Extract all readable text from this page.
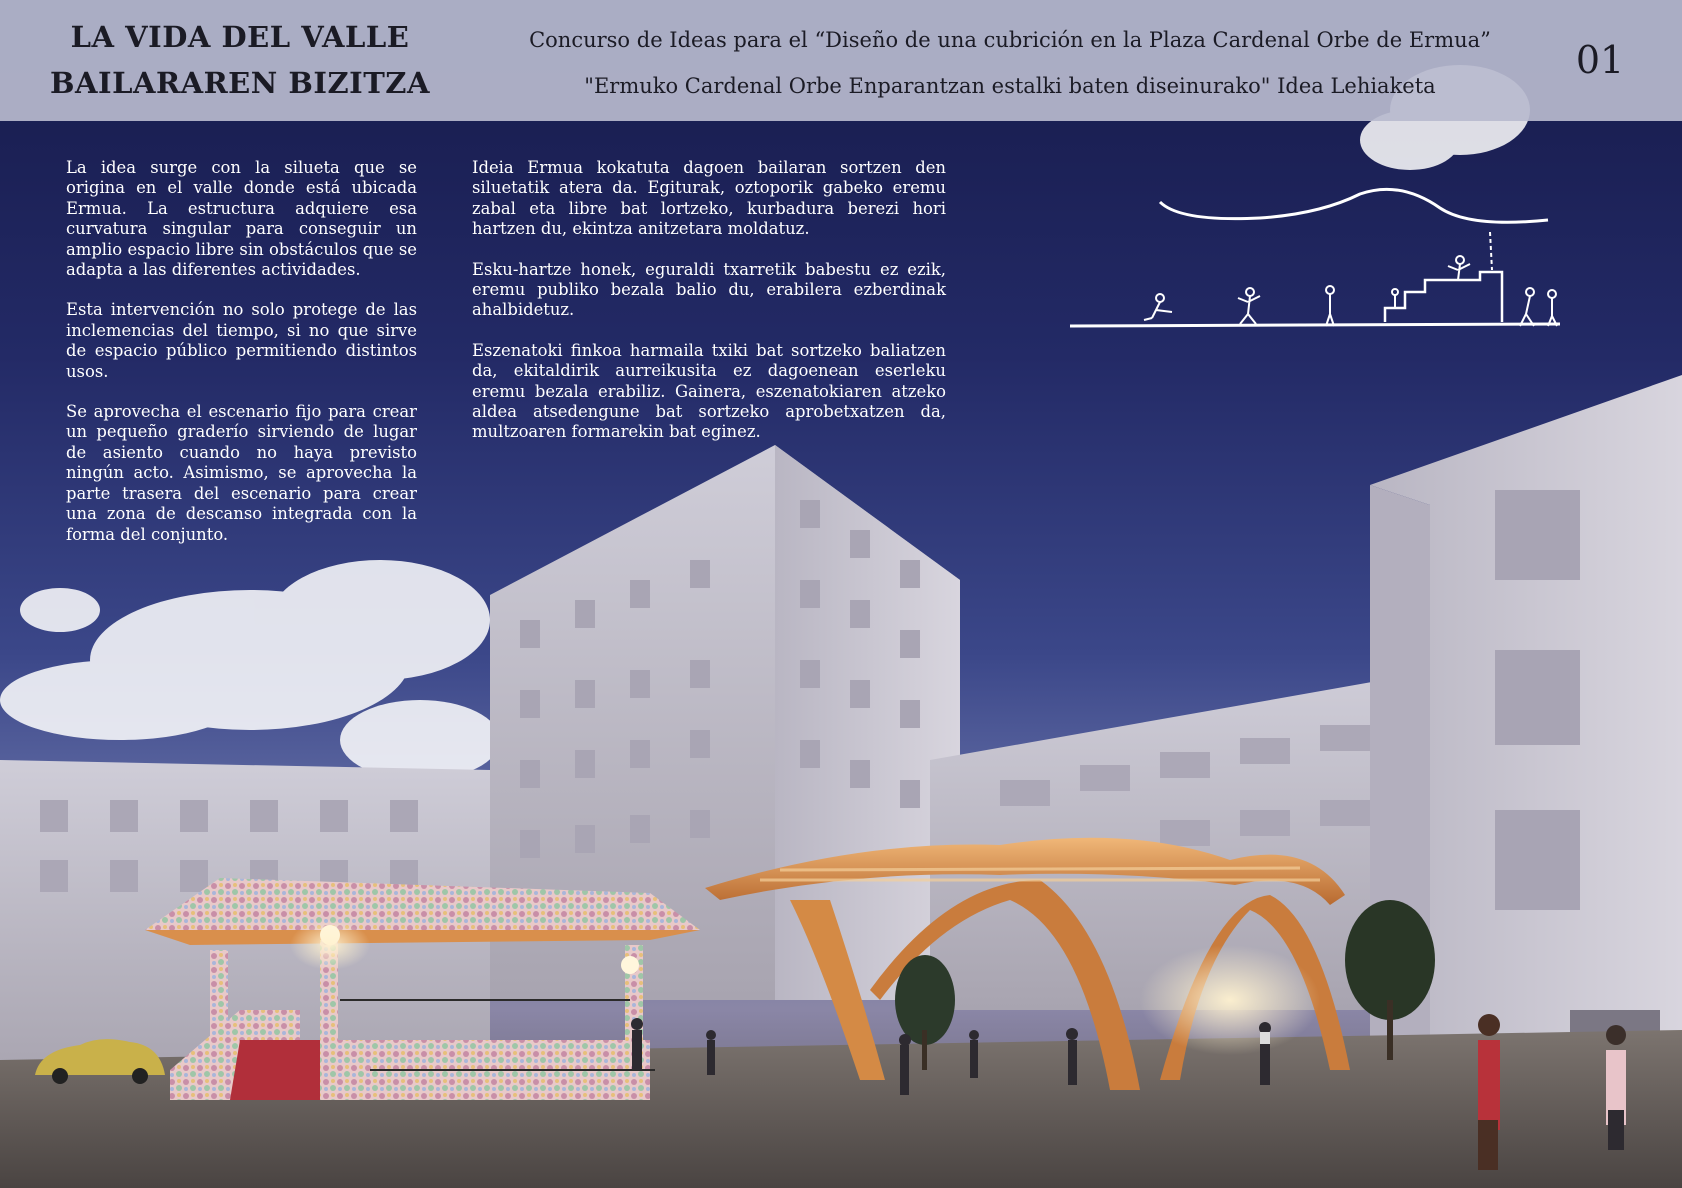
LA VIDA DEL VALLE
BAILARAREN BIZITZA
Concurso de Ideas para el “Diseño de una cubrición en la Plaza Cardenal Orbe de Ermua”
"Ermuko Cardenal Orbe Enparantzan estalki baten diseinurako" Idea Lehiaketa
01

La idea surge con la silueta que se origina en el valle donde está ubicada Ermua. La estructura adquiere esa curvatura singular para conseguir un amplio espacio libre sin obstáculos que se adapta a las diferentes actividades.

Esta intervención no solo protege de las inclemencias del tiempo, si no que sirve de espacio público permitiendo distintos usos.

Se aprovecha el escenario fijo para crear un pequeño graderío sirviendo de lugar de asiento cuando no haya previsto ningún acto. Asimismo, se aprovecha la parte trasera del escenario para crear una zona de descanso integrada con la forma del conjunto.

Ideia Ermua kokatuta dagoen bailaran sortzen den siluetatik atera da. Egiturak, oztoporik gabeko eremu zabal eta libre bat lortzeko, kurbadura berezi hori hartzen du, ekintza anitzetara moldatuz.

Esku-hartze honek, eguraldi txarretik babestu ez ezik, eremu publiko bezala balio du, erabilera ezberdinak ahalbidetuz.

Eszenatoki finkoa harmaila txiki bat sortzeko baliatzen da, ekitaldirik aurreikusita ez dagoenean eserleku eremu bezala erabiliz. Gainera, eszenatokiaren atzeko aldea atsedengune bat sortzeko aprobetxatzen da, multzoaren formarekin bat eginez.
